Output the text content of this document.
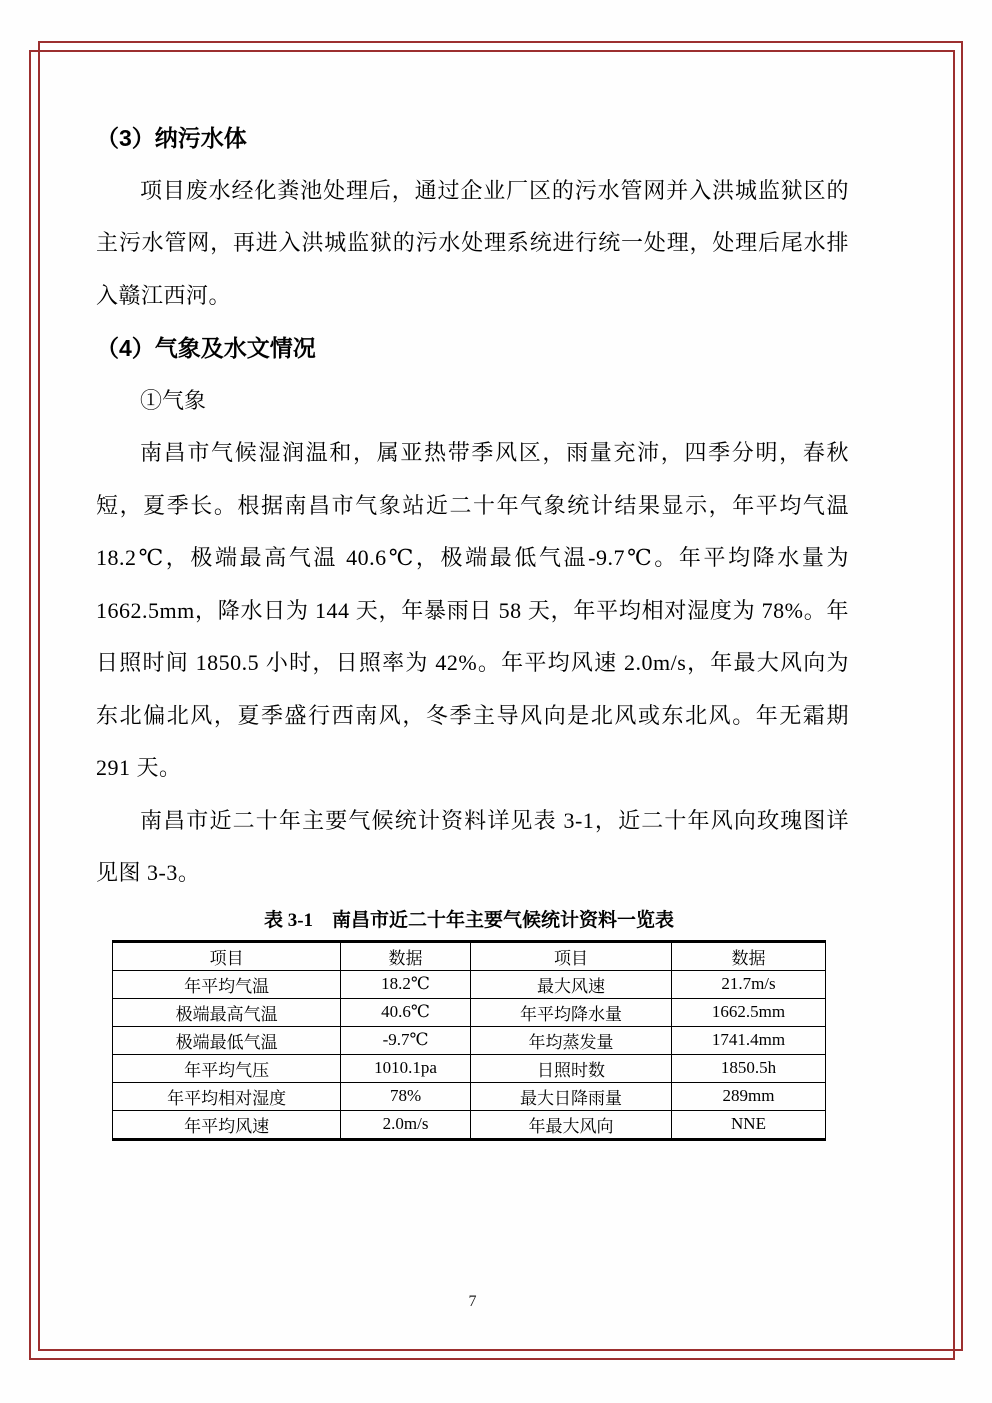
（3）纳污水体
项目废水经化粪池处理后，通过企业厂区的污水管网并入洪城监狱区的主污水管网，再进入洪城监狱的污水处理系统进行统一处理，处理后尾水排入赣江西河。
（4）气象及水文情况
①气象
南昌市气候湿润温和，属亚热带季风区，雨量充沛，四季分明，春秋短，夏季长。根据南昌市气象站近二十年气象统计结果显示，年平均气温 18.2℃，极端最高气温 40.6℃，极端最低气温-9.7℃。年平均降水量为 1662.5mm，降水日为 144 天，年暴雨日 58 天，年平均相对湿度为 78%。年日照时间 1850.5 小时，日照率为 42%。年平均风速 2.0m/s，年最大风向为东北偏北风，夏季盛行西南风，冬季主导风向是北风或东北风。年无霜期 291 天。
南昌市近二十年主要气候统计资料详见表 3-1，近二十年风向玫瑰图详见图 3-3。
表 3-1　南昌市近二十年主要气候统计资料一览表
项目	数据	项目	数据
年平均气温	18.2℃	最大风速	21.7m/s
极端最高气温	40.6℃	年平均降水量	1662.5mm
极端最低气温	-9.7℃	年均蒸发量	1741.4mm
年平均气压	1010.1pa	日照时数	1850.5h
年平均相对湿度	78%	最大日降雨量	289mm
年平均风速	2.0m/s	年最大风向	NNE
7
